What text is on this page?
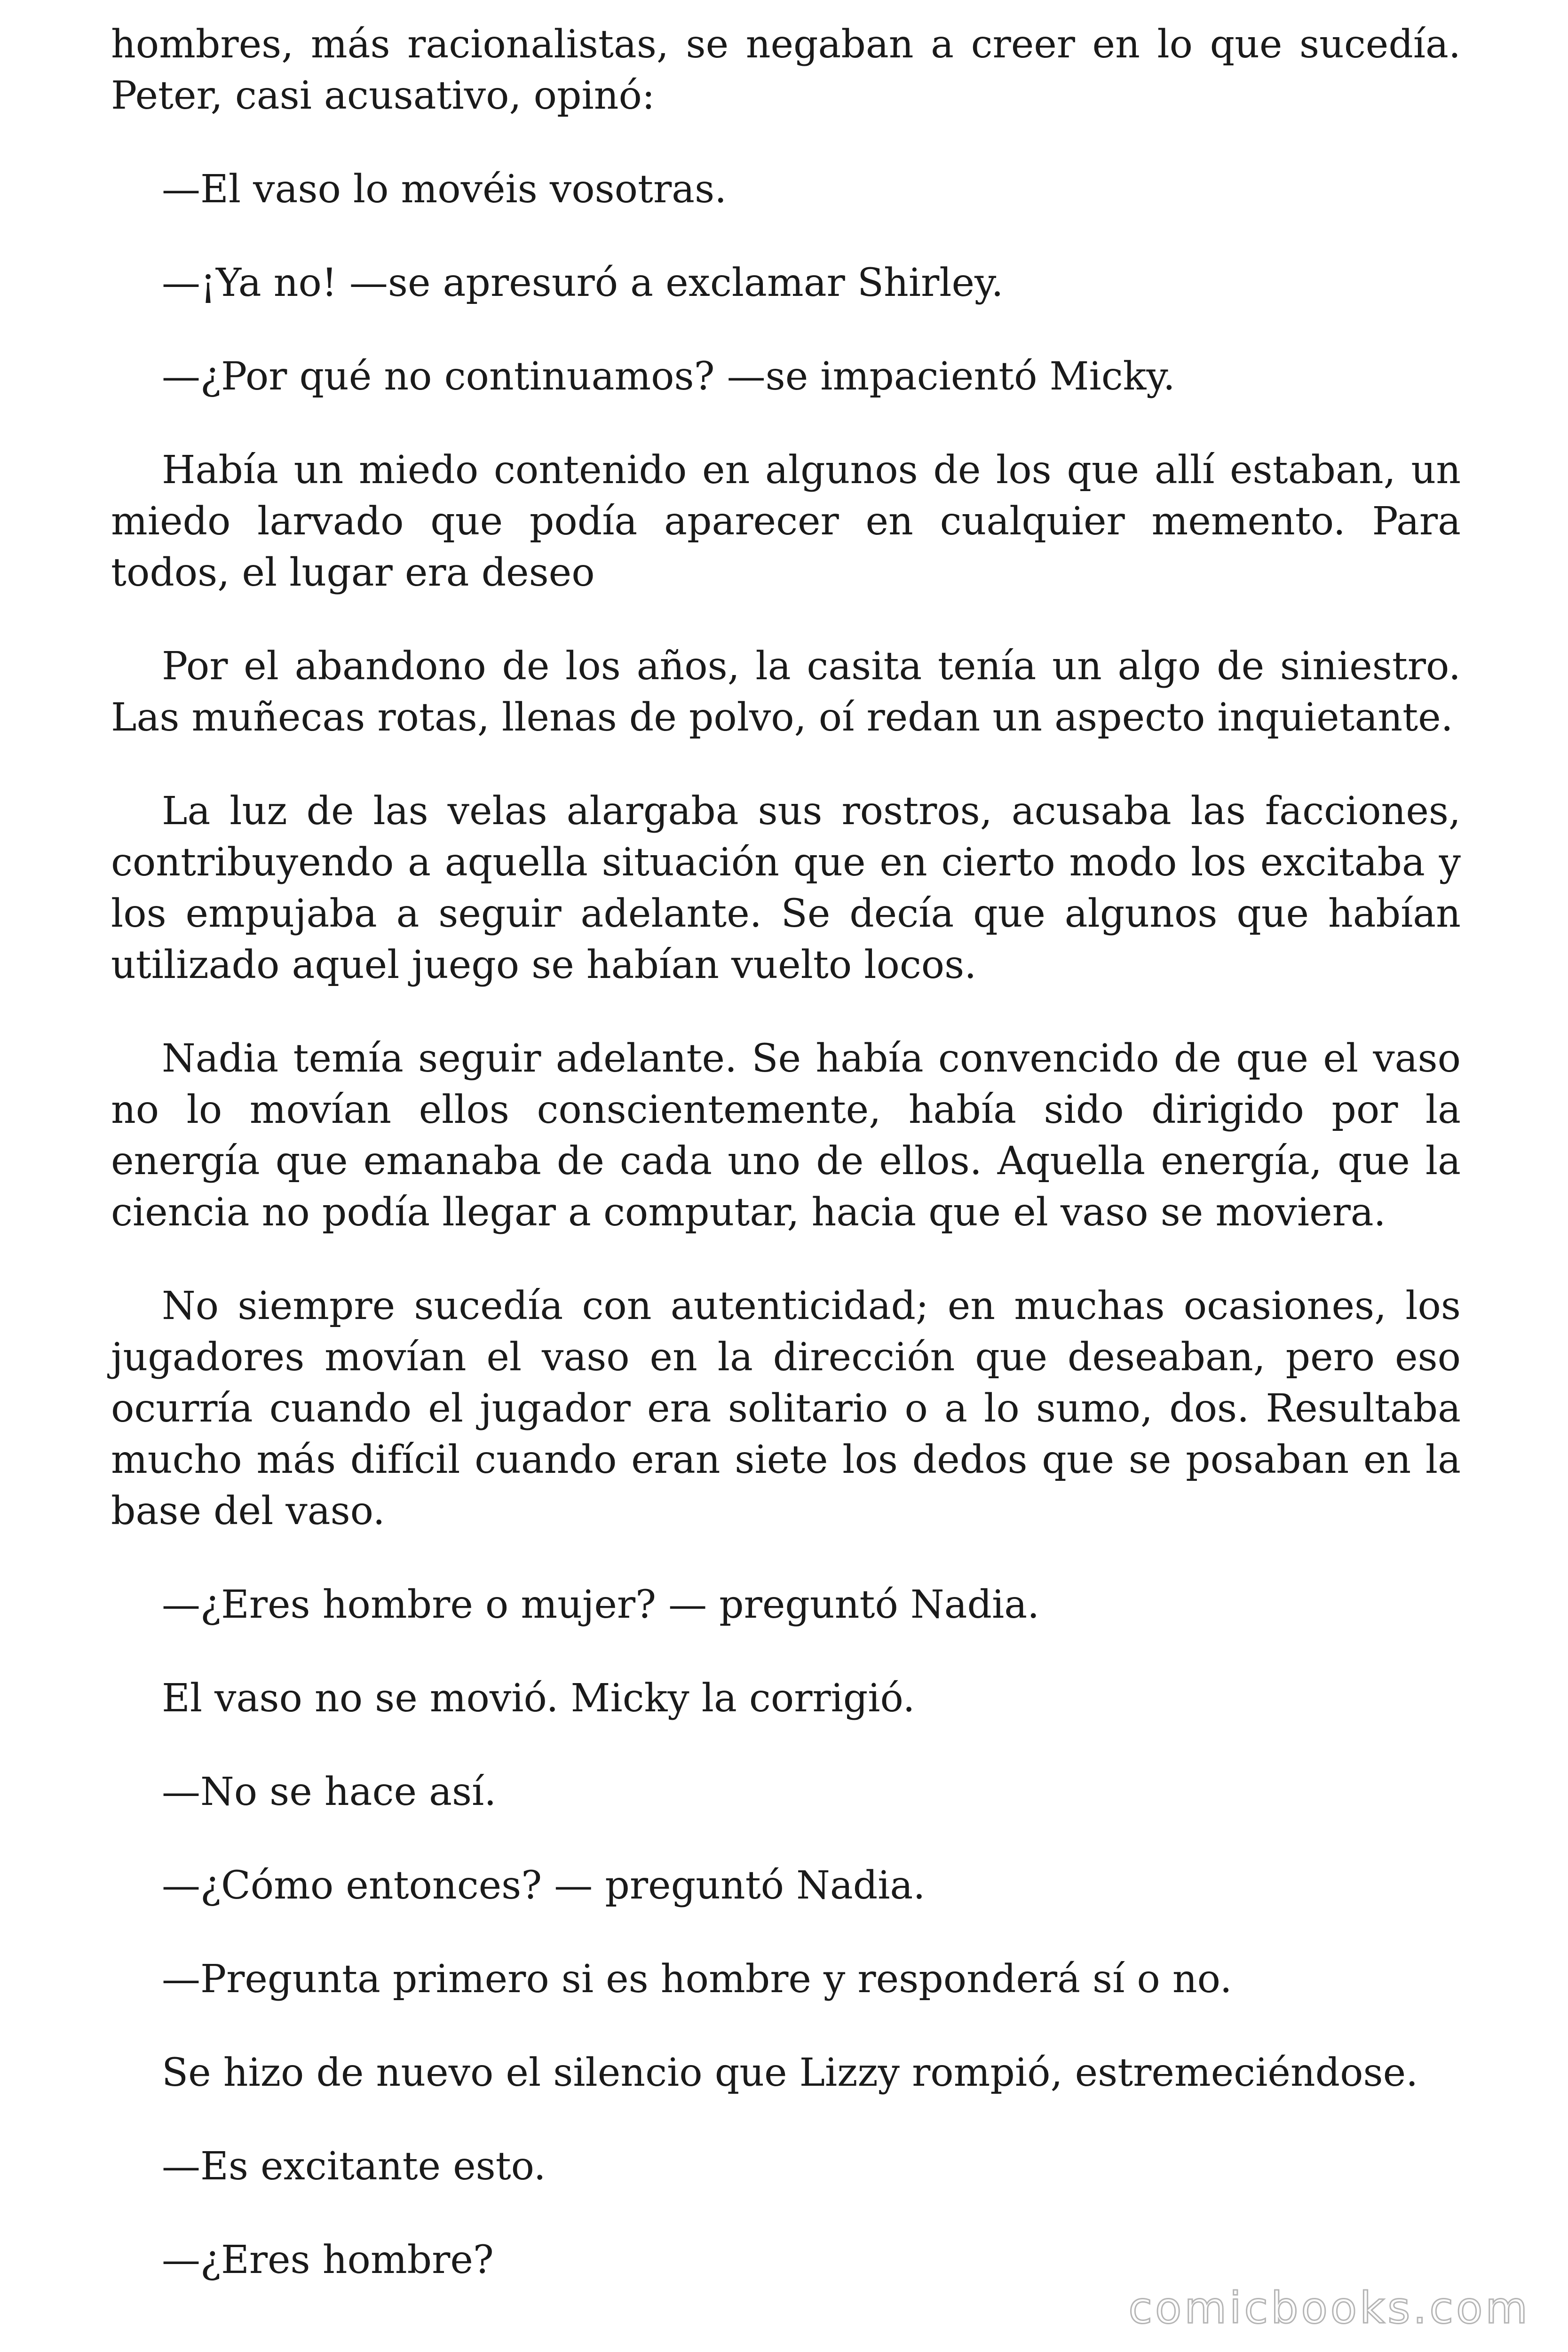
hombres, más racionalistas, se negaban a creer en lo que sucedía. Peter, casi acusativo, opinó:

—El vaso lo movéis vosotras.

—¡Ya no! —se apresuró a exclamar Shirley.

—¿Por qué no continuamos? —se impacientó Micky.

Había un miedo contenido en algunos de los que allí estaban, un miedo larvado que podía aparecer en cualquier memento. Para todos, el lugar era deseo

Por el abandono de los años, la casita tenía un algo de siniestro. Las muñecas rotas, llenas de polvo, oí redan un aspecto inquietante.

La luz de las velas alargaba sus rostros, acusaba las facciones, contribuyendo a aquella situación que en cierto modo los excitaba y los empujaba a seguir adelante. Se decía que algunos que habían utilizado aquel juego se habían vuelto locos.

Nadia temía seguir adelante. Se había convencido de que el vaso no lo movían ellos conscientemente, había sido dirigido por la energía que emanaba de cada uno de ellos. Aquella energía, que la ciencia no podía llegar a computar, hacia que el vaso se moviera.

No siempre sucedía con autenticidad; en muchas ocasiones, los jugadores movían el vaso en la dirección que deseaban, pero eso ocurría cuando el jugador era solitario o a lo sumo, dos. Resultaba mucho más difícil cuando eran siete los dedos que se posaban en la base del vaso.

—¿Eres hombre o mujer? — preguntó Nadia.

El vaso no se movió. Micky la corrigió.

—No se hace así.

—¿Cómo entonces? — preguntó Nadia.

—Pregunta primero si es hombre y responderá sí o no.

Se hizo de nuevo el silencio que Lizzy rompió, estremeciéndose.

—Es excitante esto.

—¿Eres hombre?

comicbooks.com
